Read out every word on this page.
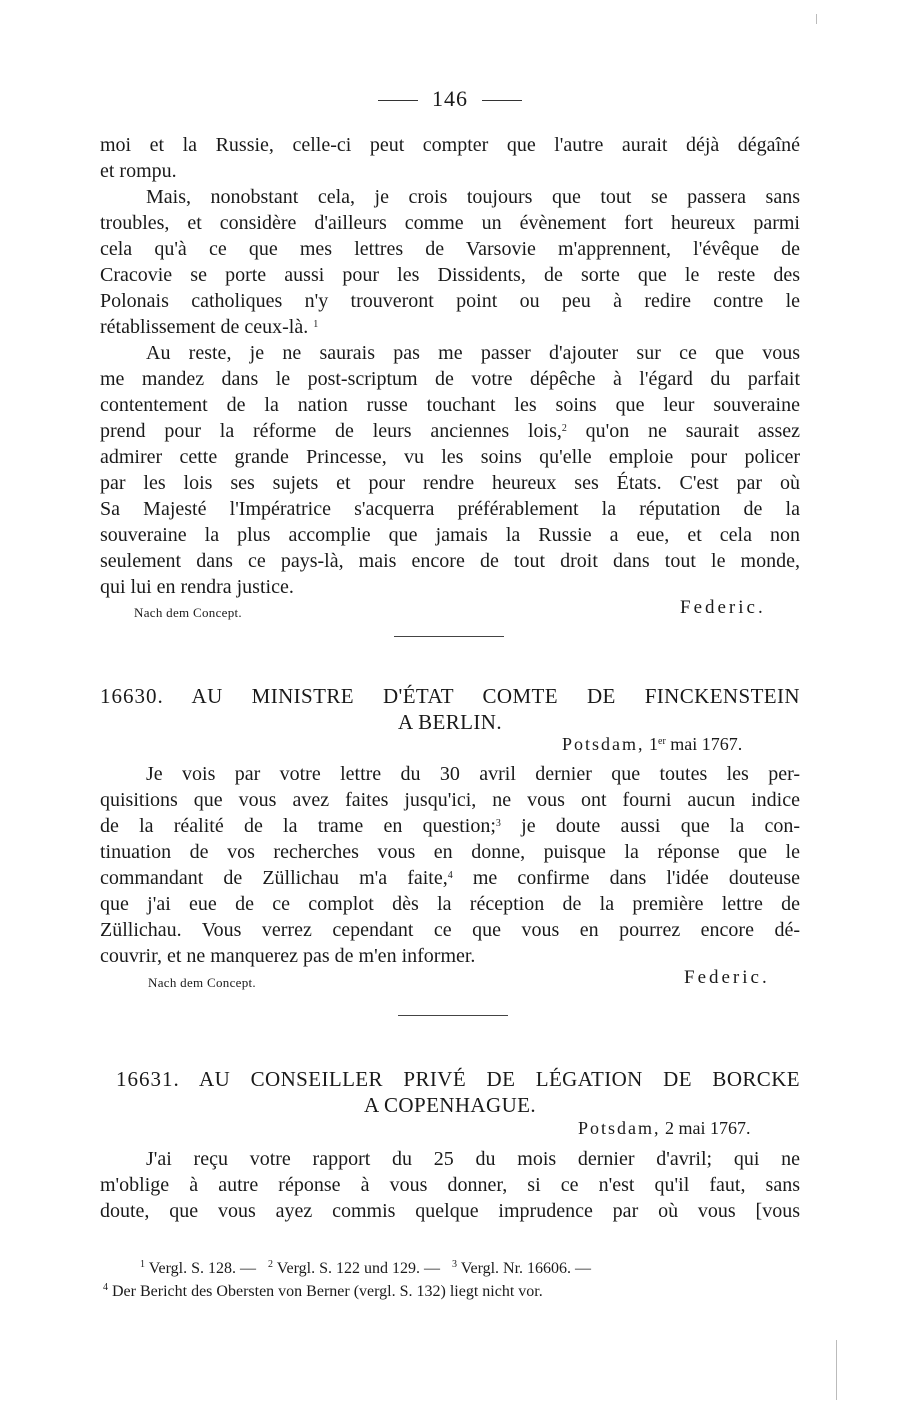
146
moi et la Russie, celle-ci peut compter que l'autre aurait déjà dégaîné
et rompu.
Mais, nonobstant cela, je crois toujours que tout se passera sans
troubles, et considère d'ailleurs comme un évènement fort heureux parmi
cela qu'à ce que mes lettres de Varsovie m'apprennent, l'évêque de
Cracovie se porte aussi pour les Dissidents, de sorte que le reste des
Polonais catholiques n'y trouveront point ou peu à redire contre le
rétablissement de ceux-là. $^1$
Au reste, je ne saurais pas me passer d'ajouter sur ce que vous
me mandez dans le post-scriptum de votre dépêche à l'égard du parfait
contentement de la nation russe touchant les soins que leur souveraine
prend pour la réforme de leurs anciennes lois,$^2$ qu'on ne saurait assez
admirer cette grande Princesse, vu les soins qu'elle emploie pour policer
par les lois ses sujets et pour rendre heureux ses États. C'est par où
Sa Majesté l'Impératrice s'acquerra préférablement la réputation de la
souveraine la plus accomplie que jamais la Russie a eue, et cela non
seulement dans ce pays-là, mais encore de tout droit dans tout le monde,
qui lui en rendra justice.
Nach dem Concept.	Federic.
16630. AU MINISTRE D'ÉTAT COMTE DE FINCKENSTEIN
A BERLIN.
Potsdam, 1er mai 1767.
Je vois par votre lettre du 30 avril dernier que toutes les per-
quisitions que vous avez faites jusqu'ici, ne vous ont fourni aucun indice
de la réalité de la trame en question;$^3$ je doute aussi que la con-
tinuation de vos recherches vous en donne, puisque la réponse que le
commandant de Züllichau m'a faite,$^4$ me confirme dans l'idée douteuse
que j'ai eue de ce complot dès la réception de la première lettre de
Züllichau. Vous verrez cependant ce que vous en pourrez encore dé-
couvrir, et ne manquerez pas de m'en informer.
Nach dem Concept.	Federic.
16631. AU CONSEILLER PRIVÉ DE LÉGATION DE BORCKE
A COPENHAGUE.
Potsdam, 2 mai 1767.
J'ai reçu votre rapport du 25 du mois dernier d'avril; qui ne
m'oblige à autre réponse à vous donner, si ce n'est qu'il faut, sans
doute, que vous ayez commis quelque imprudence par où vous [vous
$^1$ Vergl. S. 128. — $^2$ Vergl. S. 122 und 129. — $^3$ Vergl. Nr. 16606. —
$^4$ Der Bericht des Obersten von Berner (vergl. S. 132) liegt nicht vor.
